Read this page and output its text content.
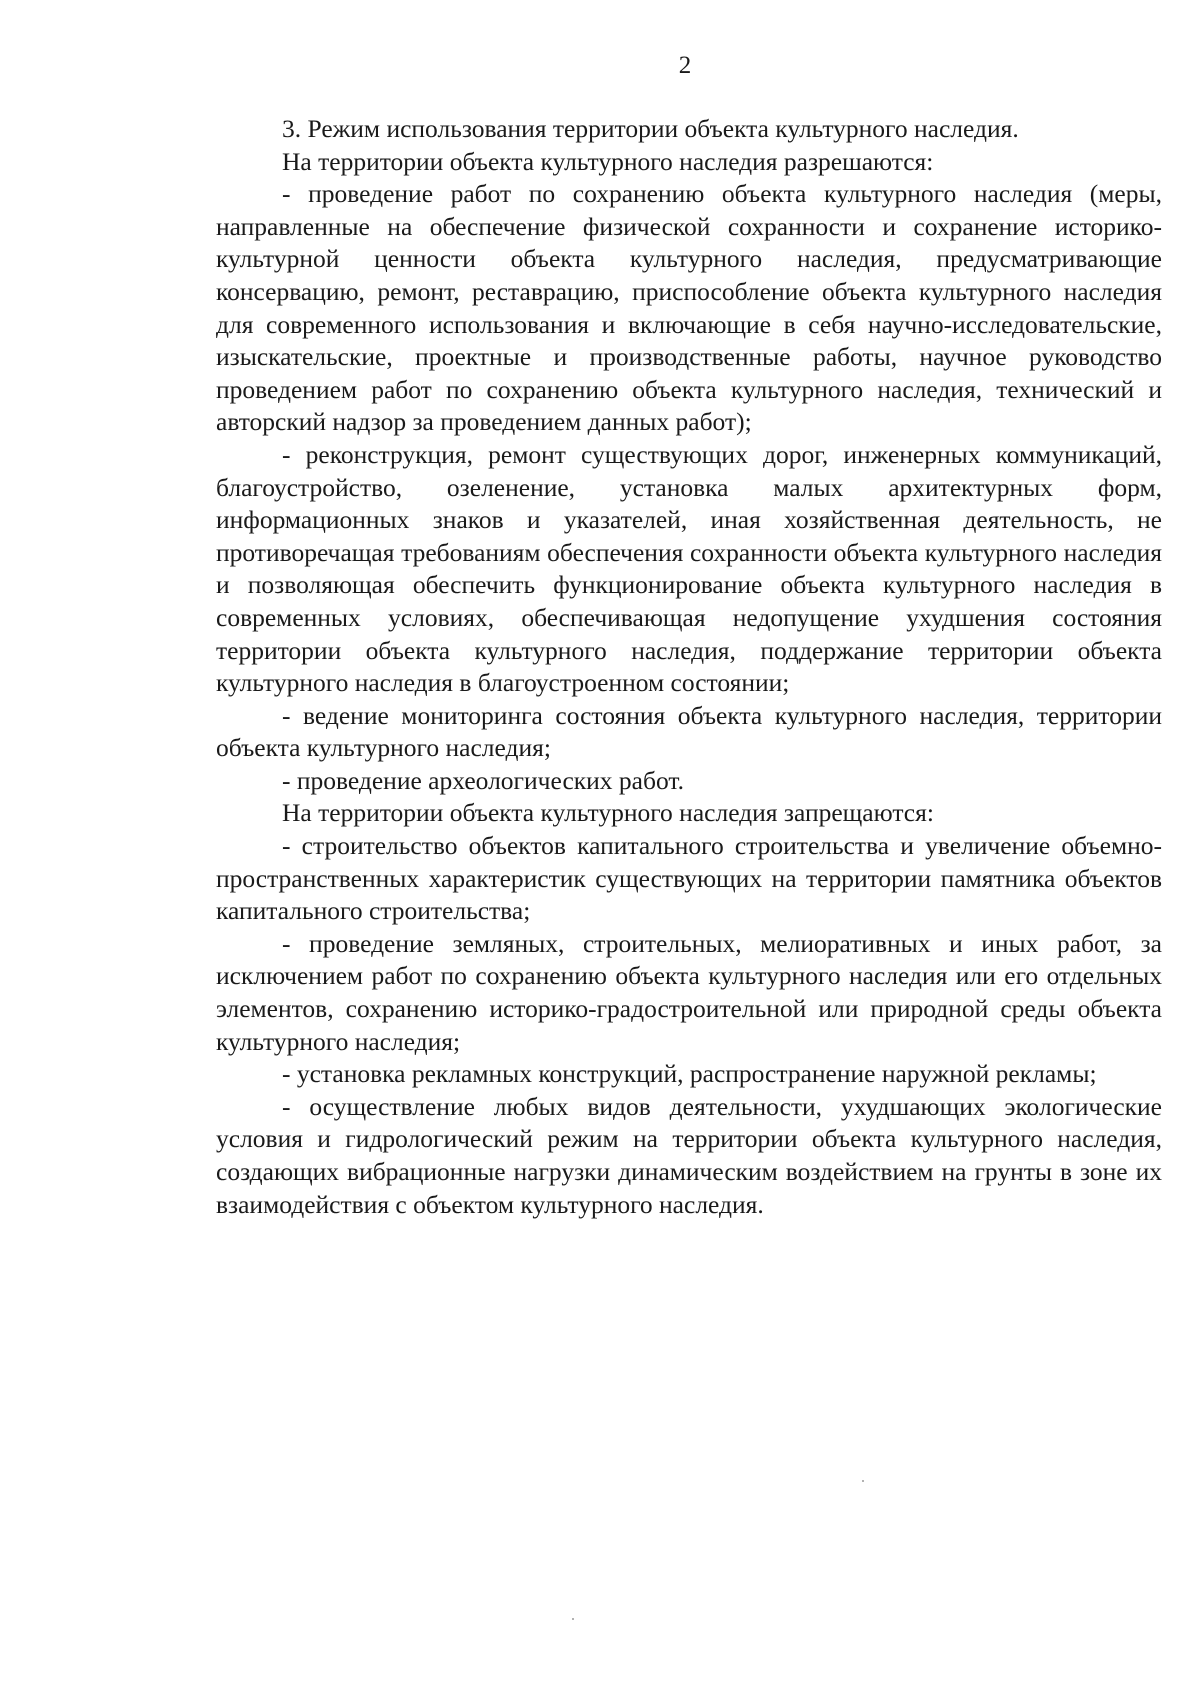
2

3. Режим использования территории объекта культурного наследия.

На территории объекта культурного наследия разрешаются:

- проведение работ по сохранению объекта культурного наследия (меры, направленные на обеспечение физической сохранности и сохранение историко-культурной ценности объекта культурного наследия, предусматривающие консервацию, ремонт, реставрацию, приспособление объекта культурного наследия для современного использования и включающие в себя научно-исследовательские, изыскательские, проектные и производственные работы, научное руководство проведением работ по сохранению объекта культурного наследия, технический и авторский надзор за проведением данных работ);

- реконструкция, ремонт существующих дорог, инженерных коммуникаций, благоустройство, озеленение, установка малых архитектурных форм, информационных знаков и указателей, иная хозяйственная деятельность, не противоречащая требованиям обеспечения сохранности объекта культурного наследия и позволяющая обеспечить функционирование объекта культурного наследия в современных условиях, обеспечивающая недопущение ухудшения состояния территории объекта культурного наследия, поддержание территории объекта культурного наследия в благоустроенном состоянии;

- ведение мониторинга состояния объекта культурного наследия, территории объекта культурного наследия;

- проведение археологических работ.

На территории объекта культурного наследия запрещаются:

- строительство объектов капитального строительства и увеличение объемно-пространственных характеристик существующих на территории памятника объектов капитального строительства;

- проведение земляных, строительных, мелиоративных и иных работ, за исключением работ по сохранению объекта культурного наследия или его отдельных элементов, сохранению историко-градостроительной или природной среды объекта культурного наследия;

- установка рекламных конструкций, распространение наружной рекламы;

- осуществление любых видов деятельности, ухудшающих экологические условия и гидрологический режим на территории объекта культурного наследия, создающих вибрационные нагрузки динамическим воздействием на грунты в зоне их взаимодействия с объектом культурного наследия.
